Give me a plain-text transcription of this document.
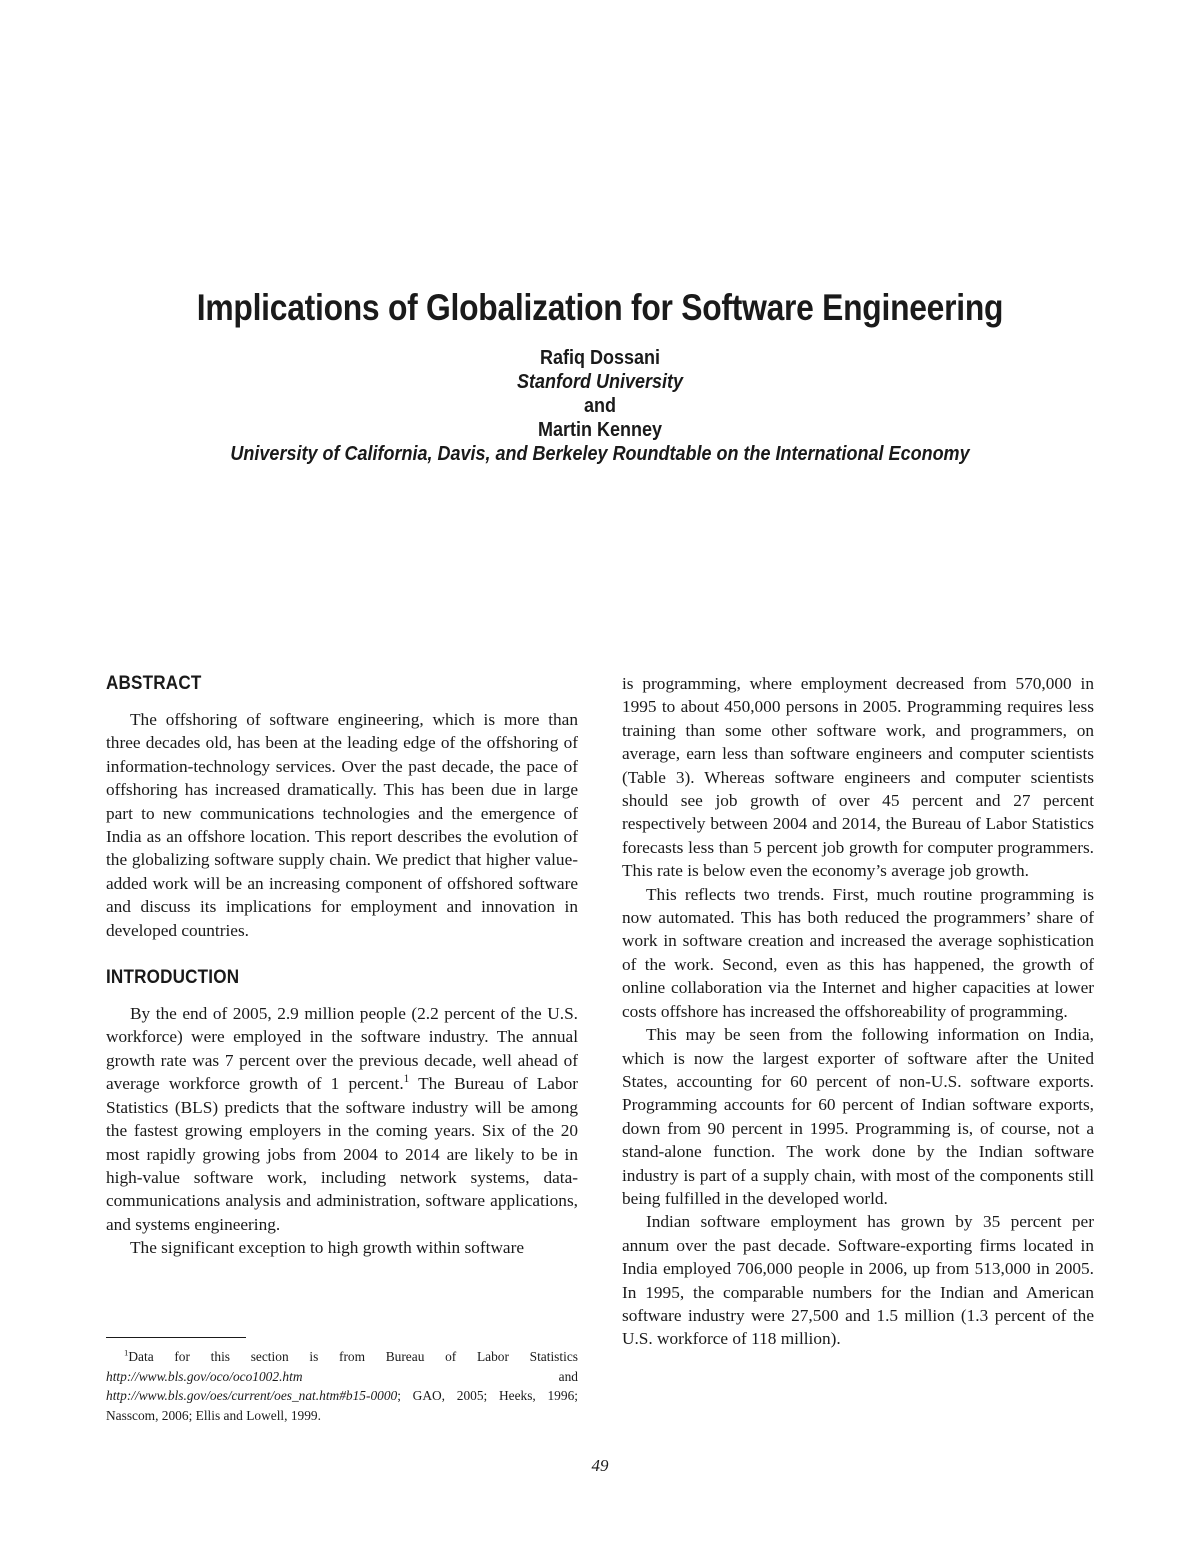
Implications of Globalization for Software Engineering
Rafiq Dossani
Stanford University
and
Martin Kenney
University of California, Davis, and Berkeley Roundtable on the International Economy
ABSTRACT

The offshoring of software engineering, which is more than three decades old, has been at the leading edge of the offshoring of information-technology services. Over the past decade, the pace of offshoring has increased dramatically. This has been due in large part to new communications technologies and the emergence of India as an offshore location. This report describes the evolution of the globalizing software supply chain. We predict that higher value-added work will be an increasing component of offshored software and discuss its implications for employment and innovation in developed countries.

INTRODUCTION

By the end of 2005, 2.9 million people (2.2 percent of the U.S. workforce) were employed in the software industry. The annual growth rate was 7 percent over the previous decade, well ahead of average workforce growth of 1 percent.$^1$ The Bureau of Labor Statistics (BLS) predicts that the software industry will be among the fastest growing employers in the coming years. Six of the 20 most rapidly growing jobs from 2004 to 2014 are likely to be in high-value software work, including network systems, data-communications analysis and administration, software applications, and systems engineering.

The significant exception to high growth within software

is programming, where employment decreased from 570,000 in 1995 to about 450,000 persons in 2005. Programming requires less training than some other software work, and programmers, on average, earn less than software engineers and computer scientists (Table 3). Whereas software engineers and computer scientists should see job growth of over 45 percent and 27 percent respectively between 2004 and 2014, the Bureau of Labor Statistics forecasts less than 5 percent job growth for computer programmers. This rate is below even the economy’s average job growth.

This reflects two trends. First, much routine programming is now automated. This has both reduced the programmers’ share of work in software creation and increased the average sophistication of the work. Second, even as this has happened, the growth of online collaboration via the Internet and higher capacities at lower costs offshore has increased the offshoreability of programming.

This may be seen from the following information on India, which is now the largest exporter of software after the United States, accounting for 60 percent of non-U.S. software exports. Programming accounts for 60 percent of Indian software exports, down from 90 percent in 1995. Programming is, of course, not a stand-alone function. The work done by the Indian software industry is part of a supply chain, with most of the components still being fulfilled in the developed world.

Indian software employment has grown by 35 percent per annum over the past decade. Software-exporting firms located in India employed 706,000 people in 2006, up from 513,000 in 2005. In 1995, the comparable numbers for the Indian and American software industry were 27,500 and 1.5 million (1.3 percent of the U.S. workforce of 118 million).

$^1$Data for this section is from Bureau of Labor Statistics http://www.bls.gov/oco/oco1002.htm and http://www.bls.gov/oes/current/oes_nat.htm#b15-0000; GAO, 2005; Heeks, 1996; Nasscom, 2006; Ellis and Lowell, 1999.
49
